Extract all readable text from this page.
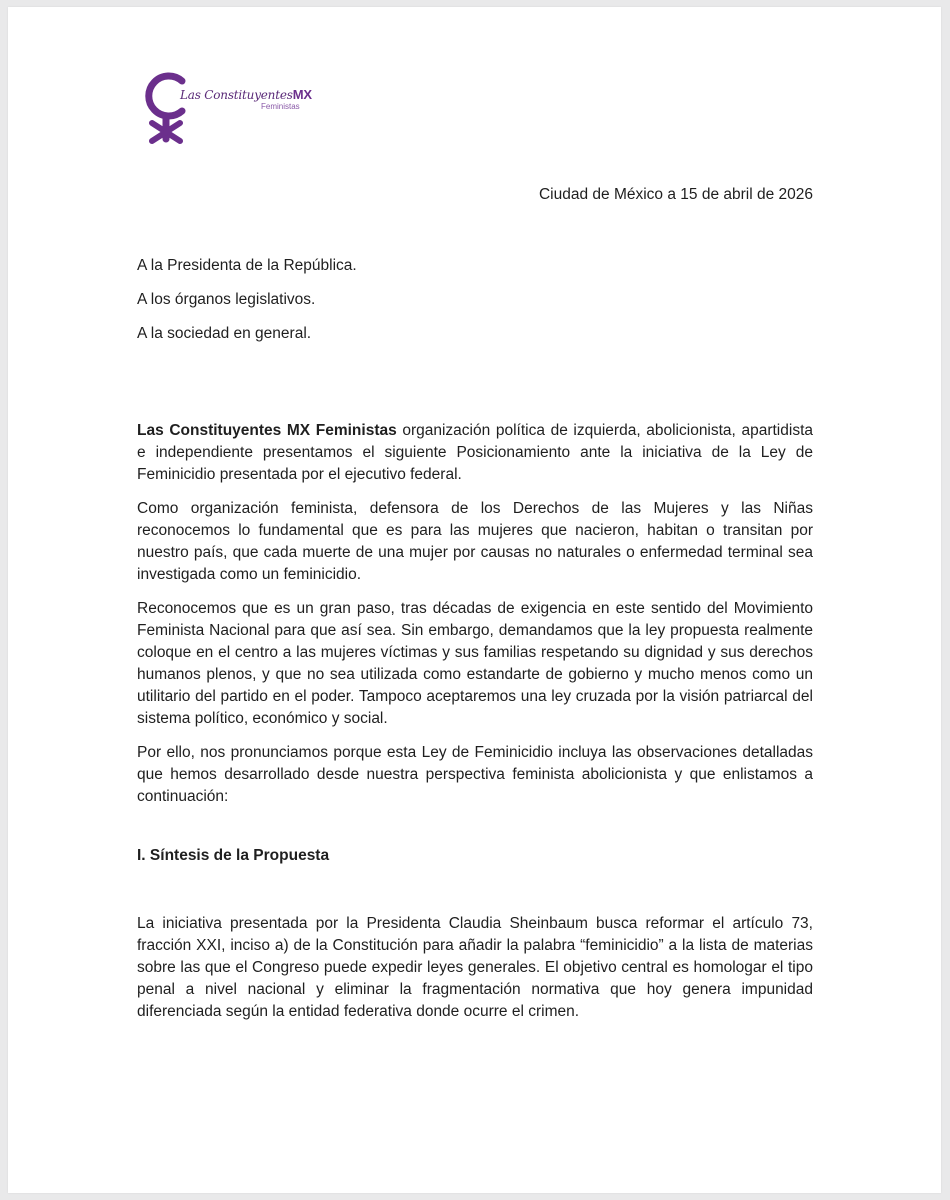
Las ConstituyentesMX
Feministas
Ciudad de México a 15 de abril de 2026
A la Presidenta de la República.
A los órganos legislativos.
A la sociedad en general.

Las Constituyentes MX Feministas organización política de izquierda, abolicionista, apartidista e independiente presentamos el siguiente Posicionamiento ante la iniciativa de la Ley de Feminicidio presentada por el ejecutivo federal.

Como organización feminista, defensora de los Derechos de las Mujeres y las Niñas reconocemos lo fundamental que es para las mujeres que nacieron, habitan o transitan por nuestro país, que cada muerte de una mujer por causas no naturales o enfermedad terminal sea investigada como un feminicidio.

Reconocemos que es un gran paso, tras décadas de exigencia en este sentido del Movimiento Feminista Nacional para que así sea. Sin embargo, demandamos que la ley propuesta realmente coloque en el centro a las mujeres víctimas y sus familias respetando su dignidad y sus derechos humanos plenos, y que no sea utilizada como estandarte de gobierno y mucho menos como un utilitario del partido en el poder. Tampoco aceptaremos una ley cruzada por la visión patriarcal del sistema político, económico y social.

Por ello, nos pronunciamos porque esta Ley de Feminicidio incluya las observaciones detalladas que hemos desarrollado desde nuestra perspectiva feminista abolicionista y que enlistamos a continuación:

I. Síntesis de la Propuesta

La iniciativa presentada por la Presidenta Claudia Sheinbaum busca reformar el artículo 73, fracción XXI, inciso a) de la Constitución para añadir la palabra “feminicidio” a la lista de materias sobre las que el Congreso puede expedir leyes generales. El objetivo central es homologar el tipo penal a nivel nacional y eliminar la fragmentación normativa que hoy genera impunidad diferenciada según la entidad federativa donde ocurre el crimen.
